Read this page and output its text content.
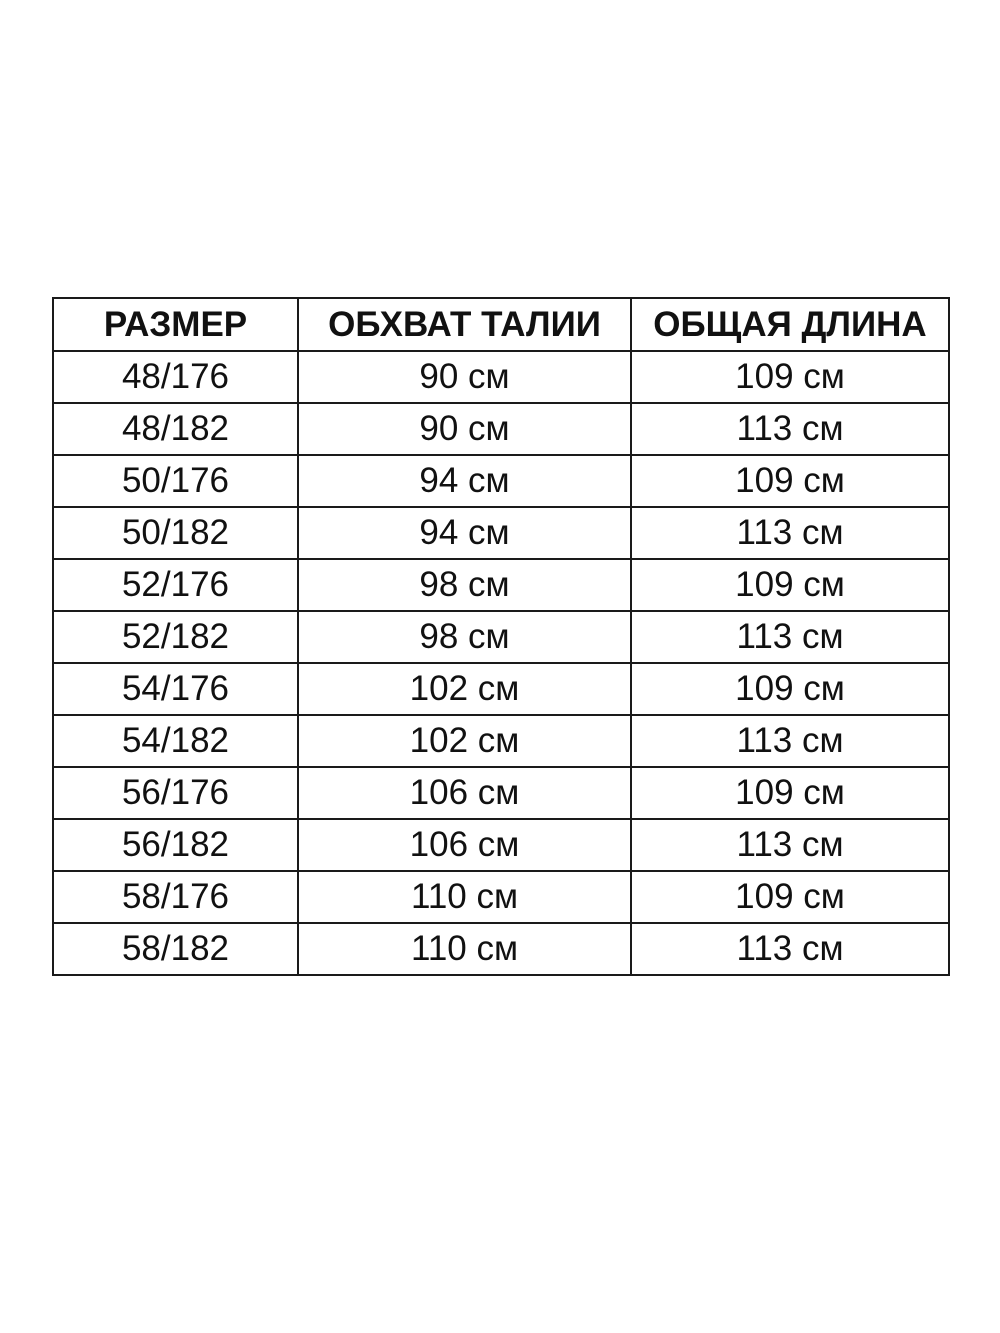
РАЗМЕР	ОБХВАТ ТАЛИИ	ОБЩАЯ ДЛИНА
48/176	90 см	109 см
48/182	90 см	113 см
50/176	94 см	109 см
50/182	94 см	113 см
52/176	98 см	109 см
52/182	98 см	113 см
54/176	102 см	109 см
54/182	102 см	113 см
56/176	106 см	109 см
56/182	106 см	113 см
58/176	110 см	109 см
58/182	110 см	113 см
